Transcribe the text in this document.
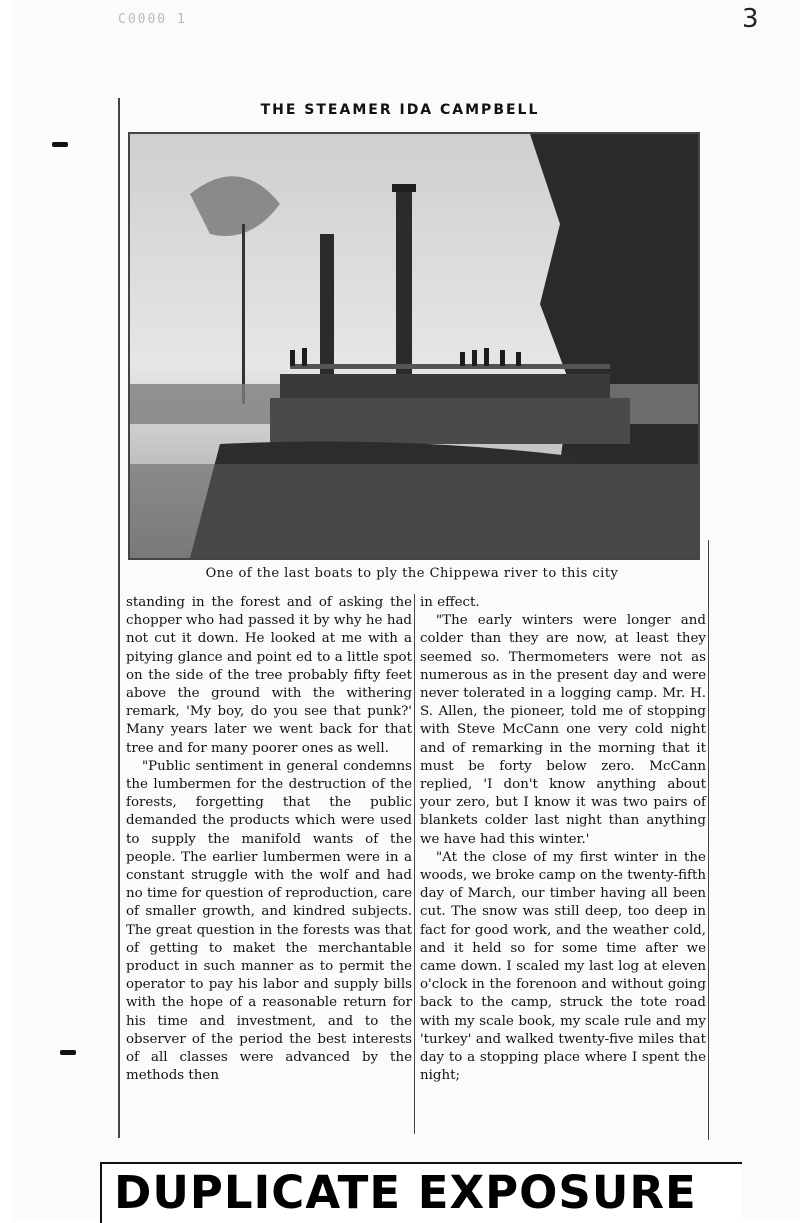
C0000 1	3
THE STEAMER IDA CAMPBELL
One of the last boats to ply the Chippewa river to this city

standing in the forest and of asking the chopper who had passed it by why he had not cut it down. He looked at me with a pitying glance and point ed to a little spot on the side of the tree probably fifty feet above the ground with the withering remark, 'My boy, do you see that punk?' Many years later we went back for that tree and for many poorer ones as well.

"Public sentiment in general condemns the lumbermen for the destruction of the forests, forgetting that the public demanded the products which were used to supply the manifold wants of the people. The earlier lumbermen were in a constant struggle with the wolf and had no time for question of reproduction, care of smaller growth, and kindred subjects. The great question in the forests was that of getting to maket the merchantable product in such manner as to permit the operator to pay his labor and supply bills with the hope of a reasonable return for his time and investment, and to the observer of the period the best interests of all classes were advanced by the methods then

in effect.

"The early winters were longer and colder than they are now, at least they seemed so. Thermometers were not as numerous as in the present day and were never tolerated in a logging camp. Mr. H. S. Allen, the pioneer, told me of stopping with Steve McCann one very cold night and of remarking in the morning that it must be forty below zero. McCann replied, 'I don't know anything about your zero, but I know it was two pairs of blankets colder last night than anything we have had this winter.'

"At the close of my first winter in the woods, we broke camp on the twenty-fifth day of March, our timber having all been cut. The snow was still deep, too deep in fact for good work, and the weather cold, and it held so for some time after we came down. I scaled my last log at eleven o'clock in the forenoon and without going back to the camp, struck the tote road with my scale book, my scale rule and my 'turkey' and walked twenty-five miles that day to a stopping place where I spent the night;

DUPLICATE EXPOSURE
